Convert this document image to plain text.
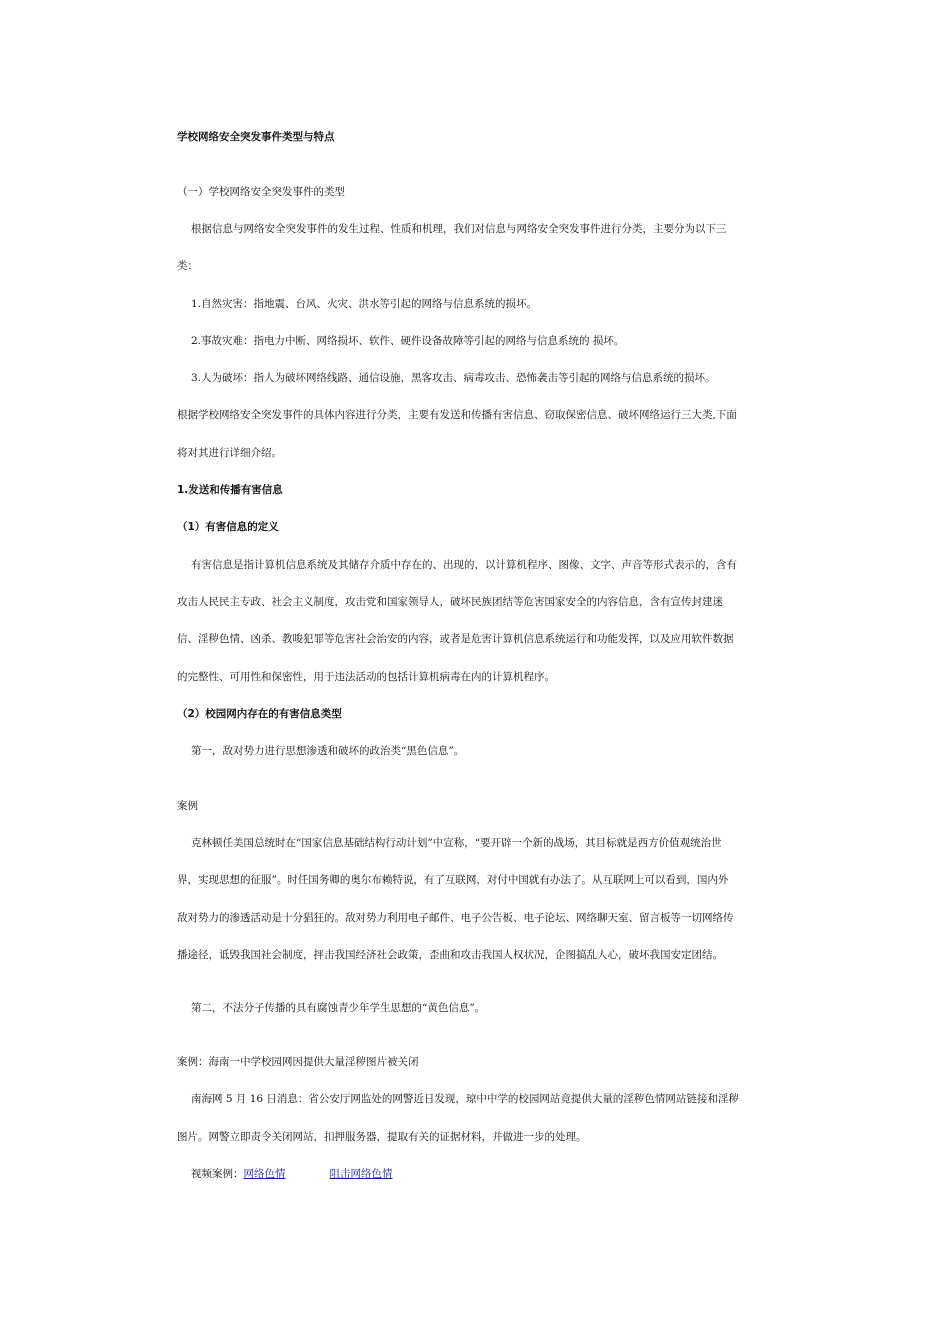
学校网络安全突发事件类型与特点
（一）学校网络安全突发事件的类型
根据信息与网络安全突发事件的发生过程、性质和机理，我们对信息与网络安全突发事件进行分类，主要分为以下三
类：
1.自然灾害：指地震、台风、火灾、洪水等引起的网络与信息系统的损坏。
2.事故灾难：指电力中断、网络损坏、软件、硬件设备故障等引起的网络与信息系统的 损坏。
3.人为破坏：指人为破坏网络线路、通信设施，黑客攻击、病毒攻击、恐怖袭击等引起的网络与信息系统的损坏。
根据学校网络安全突发事件的具体内容进行分类，主要有发送和传播有害信息、窃取保密信息、破坏网络运行三大类,下面
将对其进行详细介绍。
1.发送和传播有害信息
（1）有害信息的定义
有害信息是指计算机信息系统及其储存介质中存在的、出现的，以计算机程序、图像、文字、声音等形式表示的，含有
攻击人民民主专政、社会主义制度，攻击党和国家领导人，破坏民族团结等危害国家安全的内容信息，含有宣传封建迷
信、淫秽色情、凶杀、教唆犯罪等危害社会治安的内容，或者是危害计算机信息系统运行和功能发挥，以及应用软件数据
的完整性、可用性和保密性，用于违法活动的包括计算机病毒在内的计算机程序。
（2）校园网内存在的有害信息类型
第一，敌对势力进行思想渗透和破坏的政治类“黑色信息”。
案例
克林顿任美国总统时在“国家信息基础结构行动计划”中宣称，“要开辟一个新的战场，其目标就是西方价值观统治世
界，实现思想的征服”。时任国务卿的奥尔布赖特说，有了互联网，对付中国就有办法了。从互联网上可以看到，国内外
敌对势力的渗透活动是十分猖狂的。敌对势力利用电子邮件、电子公告板、电子论坛、网络聊天室、留言板等一切网络传
播途径，诋毁我国社会制度，抨击我国经济社会政策，歪曲和攻击我国人权状况，企图搞乱人心，破坏我国安定团结。
第二，不法分子传播的具有腐蚀青少年学生思想的“黄色信息”。
案例：海南一中学校园网因提供大量淫秽图片被关闭
南海网 5 月 16 日消息：省公安厅网监处的网警近日发现，琼中中学的校园网站竟提供大量的淫秽色情网站链接和淫秽
图片。网警立即责令关闭网站，扣押服务器，提取有关的证据材料，并做进一步的处理。
视频案例：网络色情	阻击网络色情
